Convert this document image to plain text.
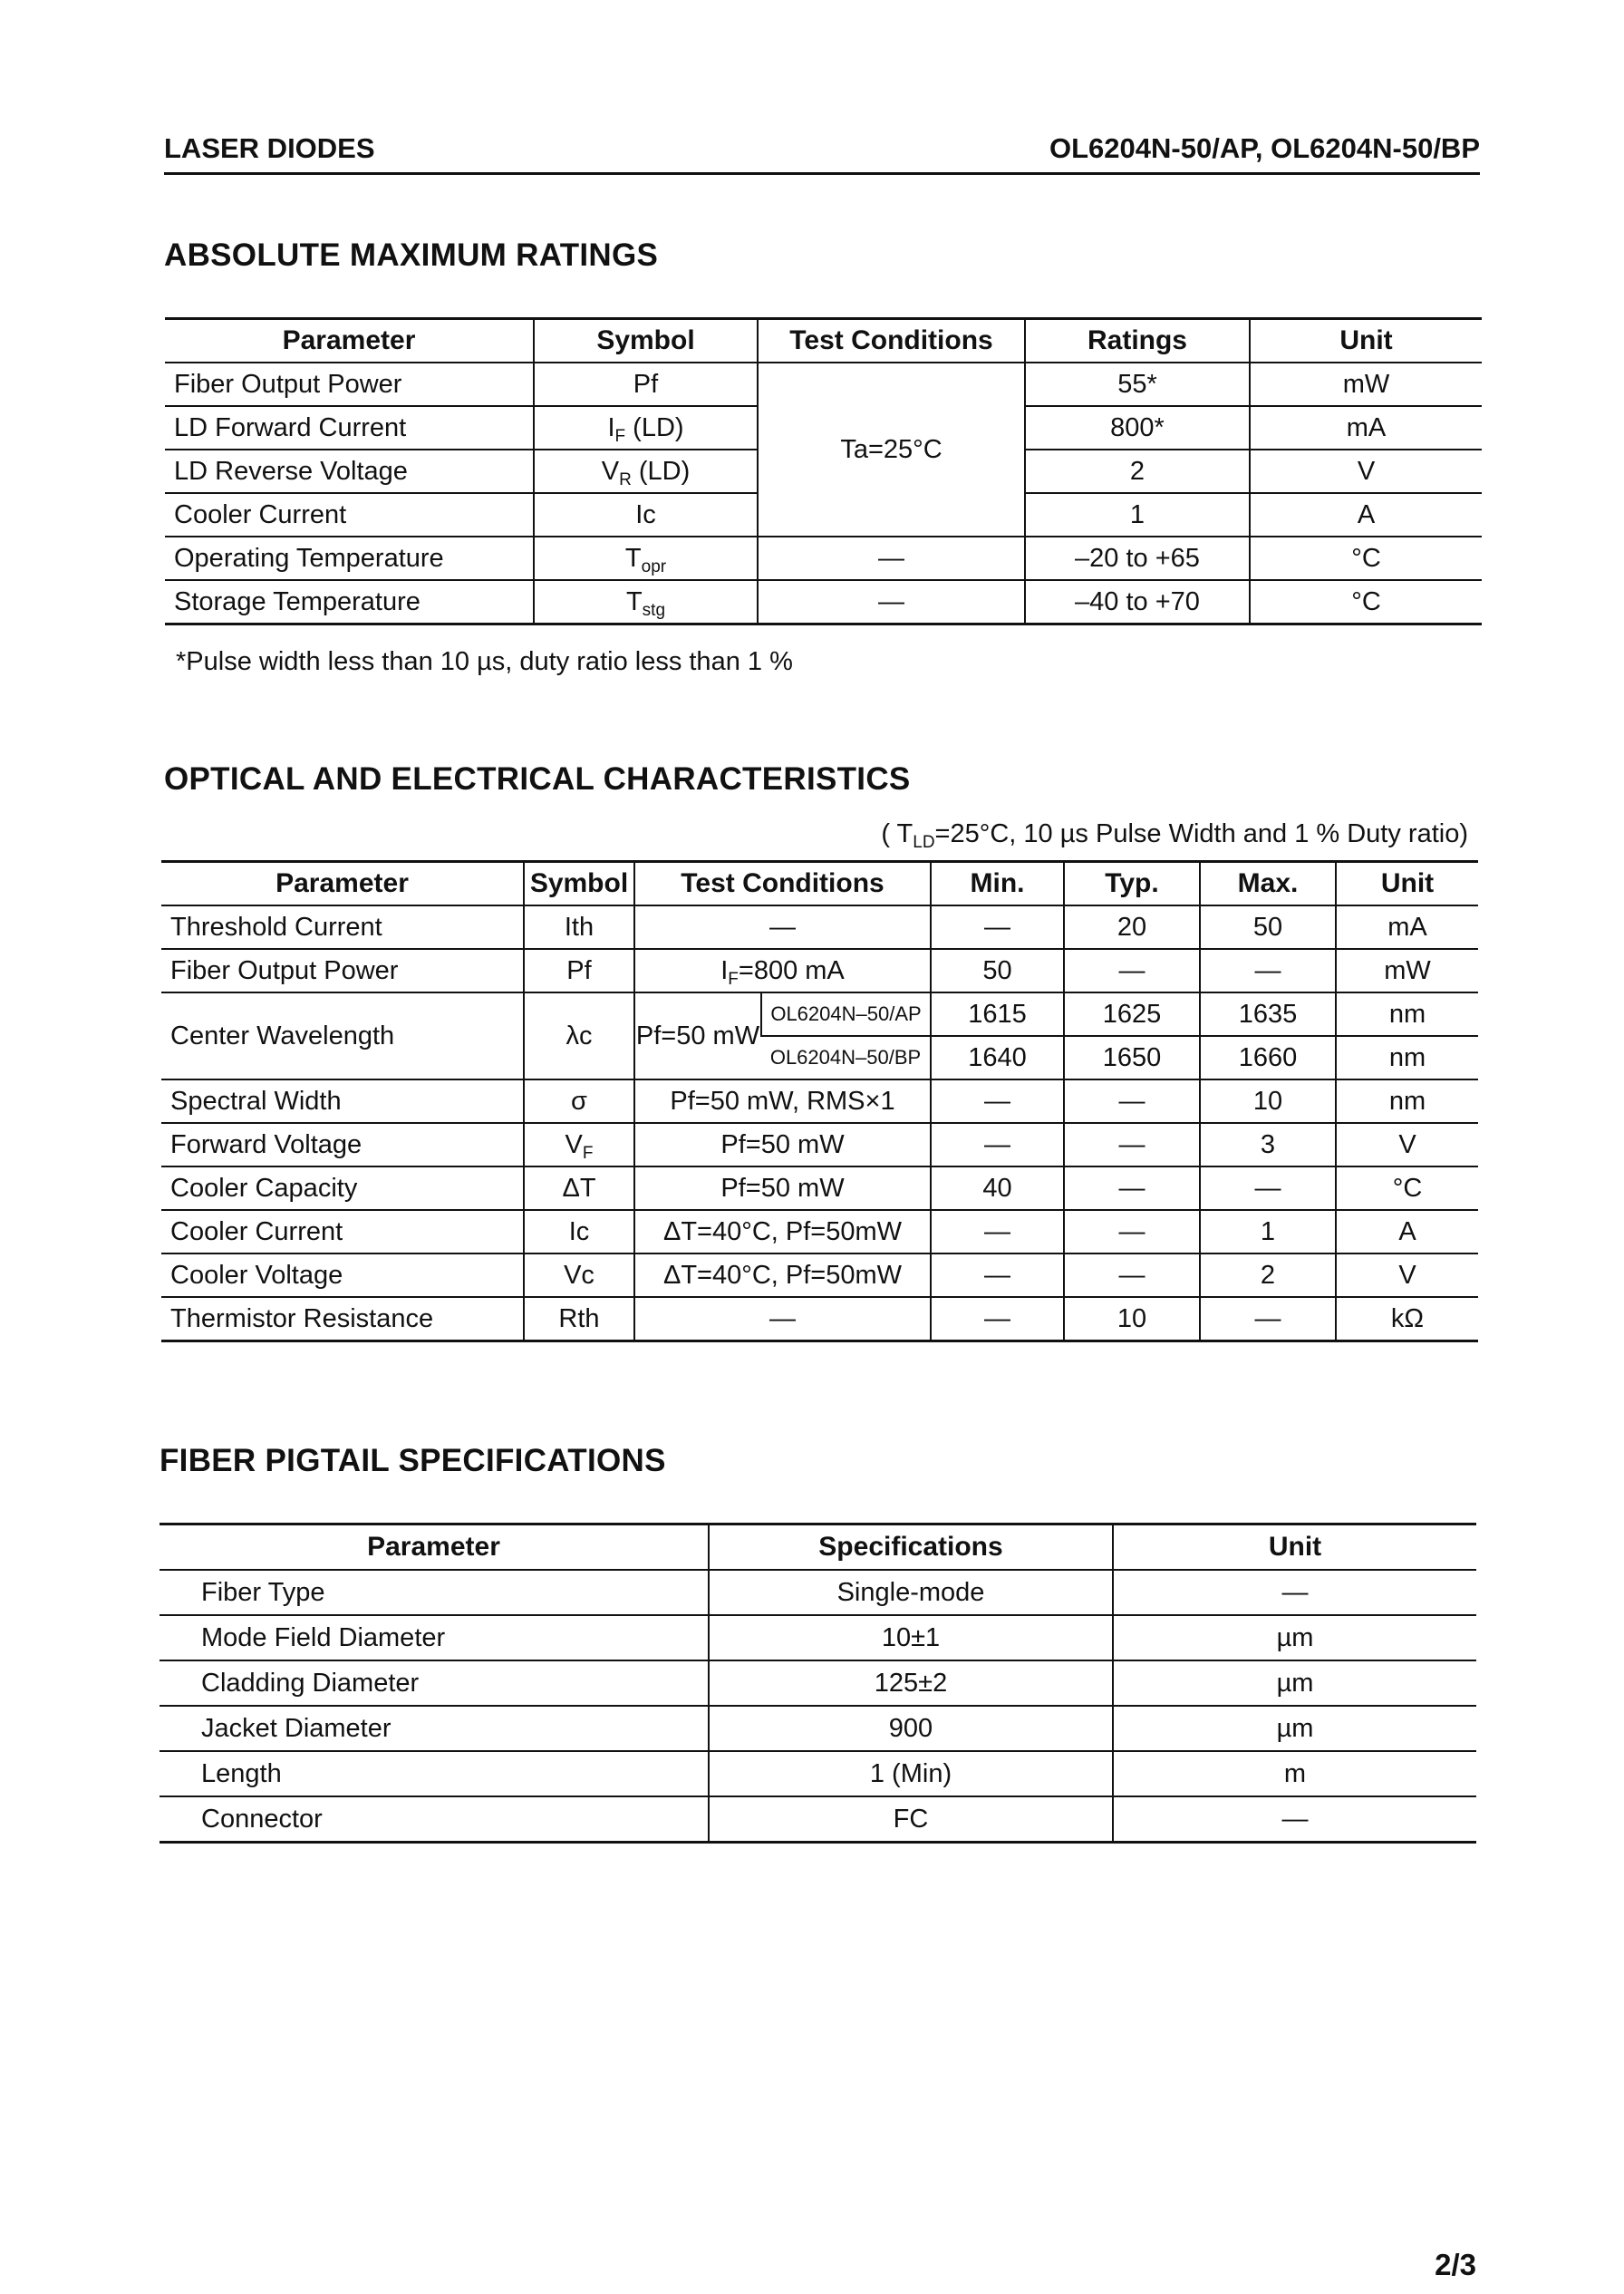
LASER DIODES	OL6204N-50/AP, OL6204N-50/BP
ABSOLUTE MAXIMUM RATINGS
Parameter	Symbol	Test Conditions	Ratings	Unit
Fiber Output Power	Pf	Ta=25°C	55*	mW
LD Forward Current	$I_F$ (LD)		800*	mA
LD Reverse Voltage	$V_R$ (LD)		2	V
Cooler Current	Ic		1	A
Operating Temperature	$T_{opr}$	—	–20 to +65	°C
Storage Temperature	$T_{stg}$	—	–40 to +70	°C
*Pulse width less than 10 µs, duty ratio less than 1 %
OPTICAL AND ELECTRICAL CHARACTERISTICS
( $T_{LD}=25^\circ C$, 10 µs Pulse Width and 1 % Duty ratio)
Parameter	Symbol	Test Conditions		Min.	Typ.	Max.	Unit
Threshold Current	Ith	—		—	20	50	mA
Fiber Output Power	Pf	$I_F=800$ mA		50	—	—	mW
Center Wavelength	λc	Pf=50 mW	OL6204N–50/AP	1615	1625	1635	nm
			OL6204N–50/BP	1640	1650	1660	nm
Spectral Width	σ	Pf=50 mW, RMS×1		—	—	10	nm
Forward Voltage	$V_F$	Pf=50 mW		—	—	3	V
Cooler Capacity	ΔT	Pf=50 mW		40	—	—	°C
Cooler Current	Ic	ΔT=40°C, Pf=50mW		—	—	1	A
Cooler Voltage	Vc	ΔT=40°C, Pf=50mW		—	—	2	V
Thermistor Resistance	Rth	—		—	10	—	kΩ
FIBER PIGTAIL SPECIFICATIONS
Parameter	Specifications	Unit
Fiber Type	Single-mode	—
Mode Field Diameter	10±1	µm
Cladding Diameter	125±2	µm
Jacket Diameter	900	µm
Length	1 (Min)	m
Connector	FC	—
2/3
